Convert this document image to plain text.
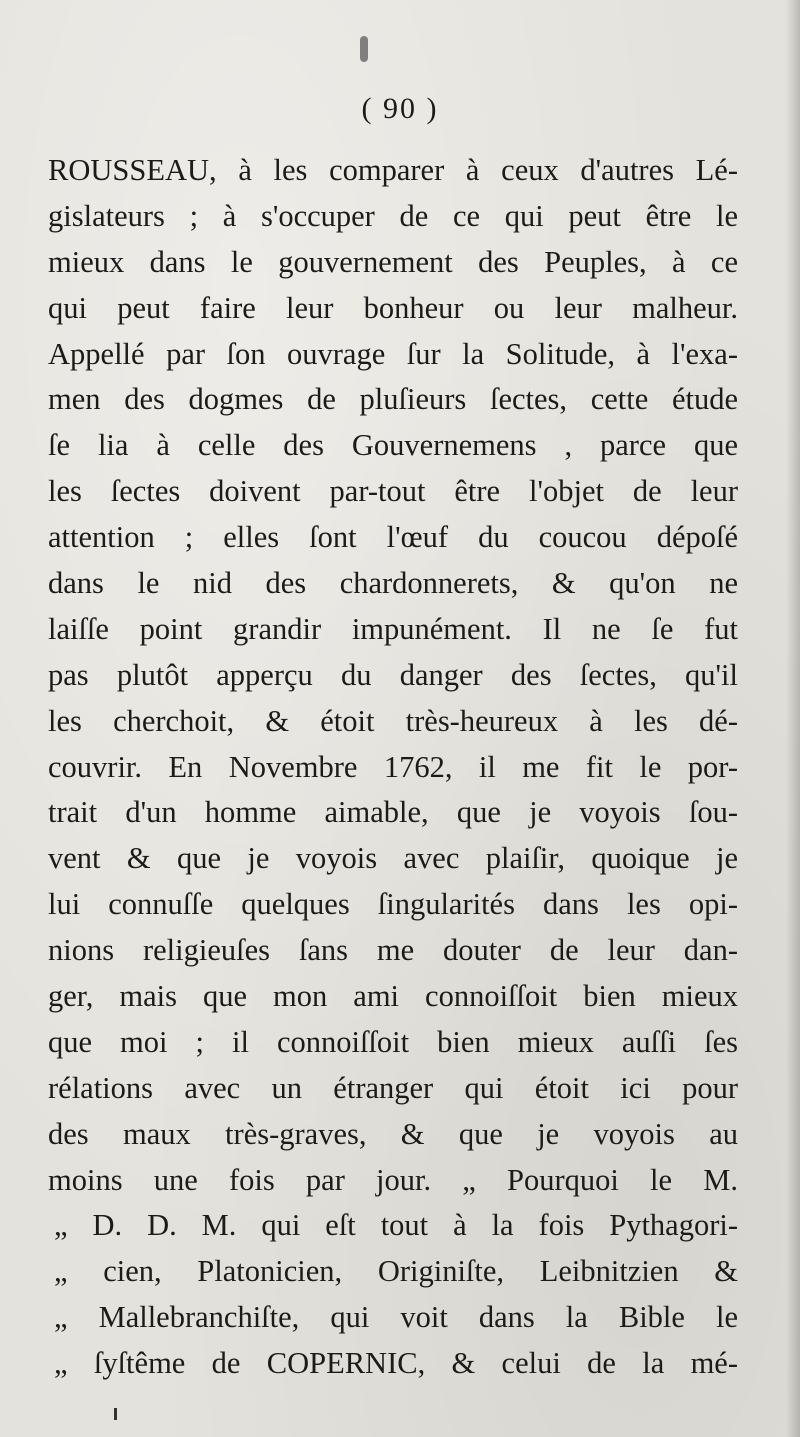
( 90 )
ROUSSEAU, à les comparer à ceux d'autres Lé-
gislateurs ; à s'occuper de ce qui peut être le
mieux dans le gouvernement des Peuples, à ce
qui peut faire leur bonheur ou leur malheur.
Appellé par ſon ouvrage ſur la Solitude, à l'exa-
men des dogmes de pluſieurs ſectes, cette étude
ſe lia à celle des Gouvernemens , parce que
les ſectes doivent par-tout être l'objet de leur
attention ; elles ſont l'œuf du coucou dépoſé
dans le nid des chardonnerets, & qu'on ne
laiſſe point grandir impunément. Il ne ſe fut
pas plutôt apperçu du danger des ſectes, qu'il
les cherchoit, & étoit très-heureux à les dé-
couvrir. En Novembre 1762, il me fit le por-
trait d'un homme aimable, que je voyois ſou-
vent & que je voyois avec plaiſir, quoique je
lui connuſſe quelques ſingularités dans les opi-
nions religieuſes ſans me douter de leur dan-
ger, mais que mon ami connoiſſoit bien mieux
que moi ; il connoiſſoit bien mieux auſſi ſes
rélations avec un étranger qui étoit ici pour
des maux très-graves, & que je voyois au
moins une fois par jour. „ Pourquoi le M.
„ D. D. M. qui eſt tout à la fois Pythagori-
„ cien, Platonicien, Originiſte, Leibnitzien &
„ Mallebranchiſte, qui voit dans la Bible le
„ ſyſtême de COPERNIC, & celui de la mé-
